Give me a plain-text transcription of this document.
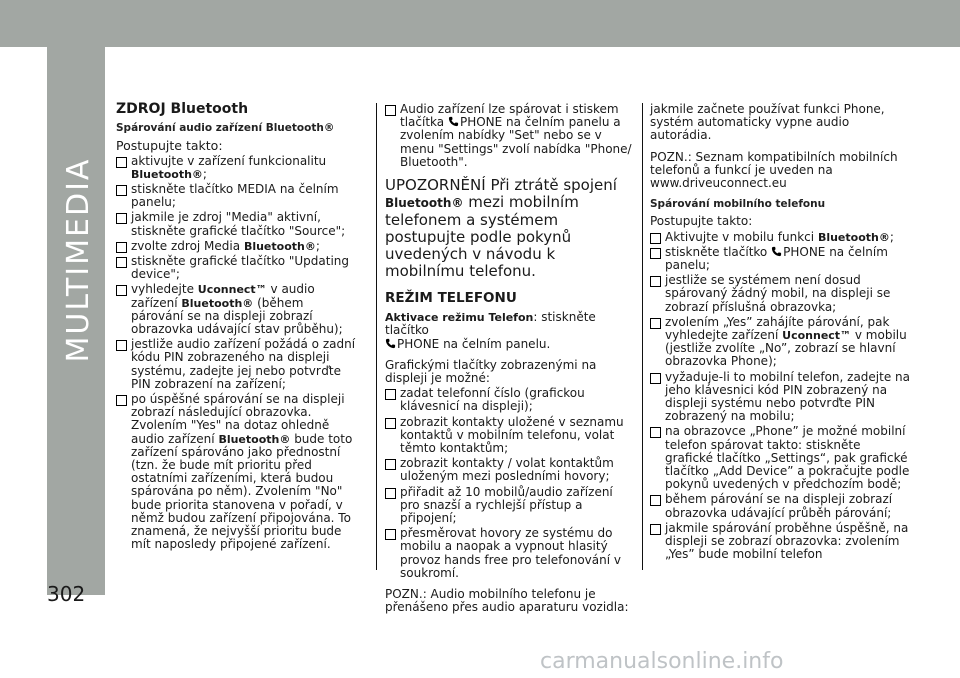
MULTIMEDIA
ZDROJ Bluetooth
Spárování audio zařízení Bluetooth®

Postupujte takto:

aktivujte v zařízení funkcionalitu Bluetooth®;
stiskněte tlačítko MEDIA na čelním panelu;
jakmile je zdroj "Media" aktivní, stiskněte grafické tlačítko "Source";
zvolte zdroj Media Bluetooth®;
stiskněte grafické tlačítko "Updating device";
vyhledejte Uconnect™ v audio zařízení Bluetooth® (během párování se na displeji zobrazí obrazovka udávající stav průběhu);
jestliže audio zařízení požádá o zadní kódu PIN zobrazeného na displeji systému, zadejte jej nebo potvrďte PIN zobrazení na zařízení;
po úspěšné spárování se na displeji zobrazí následující obrazovka. Zvolením "Yes" na dotaz ohledně audio zařízení Bluetooth® bude toto zařízení spárováno jako přednostní (tzn. že bude mít prioritu před ostatními zařízeními, která budou spárována po něm). Zvolením "No" bude priorita stanovena v pořadí, v němž budou zařízení připojována. To znamená, že nejvyšší prioritu bude mít naposledy připojené zařízení.
Audio zařízení lze spárovat i stiskem tlačítka PHONE na čelním panelu a zvolením nabídky "Set" nebo se v menu "Settings" zvolí nabídka "Phone/ Bluetooth".
UPOZORNĚNÍ Při ztrátě spojení
Bluetooth® mezi mobilním telefonem a systémem postupujte podle pokynů uvedených v návodu k mobilnímu telefonu.
REŽIM TELEFONU

Aktivace režimu Telefon: stiskněte tlačítko
PHONE na čelním panelu.

Grafickými tlačítky zobrazenými na displeji je možné:

zadat telefonní číslo (grafickou klávesnicí na displeji);
zobrazit kontakty uložené v seznamu kontaktů v mobilním telefonu, volat těmto kontaktům;
zobrazit kontakty / volat kontaktům uloženým mezi posledními hovory;
přiřadit až 10 mobilů/audio zařízení pro snazší a rychlejší přístup a připojení;
přesměrovat hovory ze systému do mobilu a naopak a vypnout hlasitý provoz hands free pro telefonování v soukromí.

POZN.: Audio mobilního telefonu je přenášeno přes audio aparaturu vozidla:

jakmile začnete používat funkci Phone, systém automaticky vypne audio autorádia.

POZN.: Seznam kompatibilních mobilních telefonů a funkcí je uveden na www.driveuconnect.eu

Spárování mobilního telefonu

Postupujte takto:

Aktivujte v mobilu funkci Bluetooth®;
stiskněte tlačítko PHONE na čelním panelu;
jestliže se systémem není dosud spárovaný žádný mobil, na displeji se zobrazí příslušná obrazovka;
zvolením „Yes” zahájíte párování, pak vyhledejte zařízení Uconnect™ v mobilu (jestliže zvolíte „No”, zobrazí se hlavní obrazovka Phone);
vyžaduje-li to mobilní telefon, zadejte na jeho klávesnici kód PIN zobrazený na displeji systému nebo potvrďte PIN zobrazený na mobilu;
na obrazovce „Phone” je možné mobilní telefon spárovat takto: stiskněte grafické tlačítko „Settings“, pak grafické tlačítko „Add Device” a pokračujte podle pokynů uvedených v předchozím bodě;
během párování se na displeji zobrazí obrazovka udávající průběh párování;
jakmile spárování proběhne úspěšně, na displeji se zobrazí obrazovka: zvolením „Yes” bude mobilní telefon
302
carmanualsonline.info
